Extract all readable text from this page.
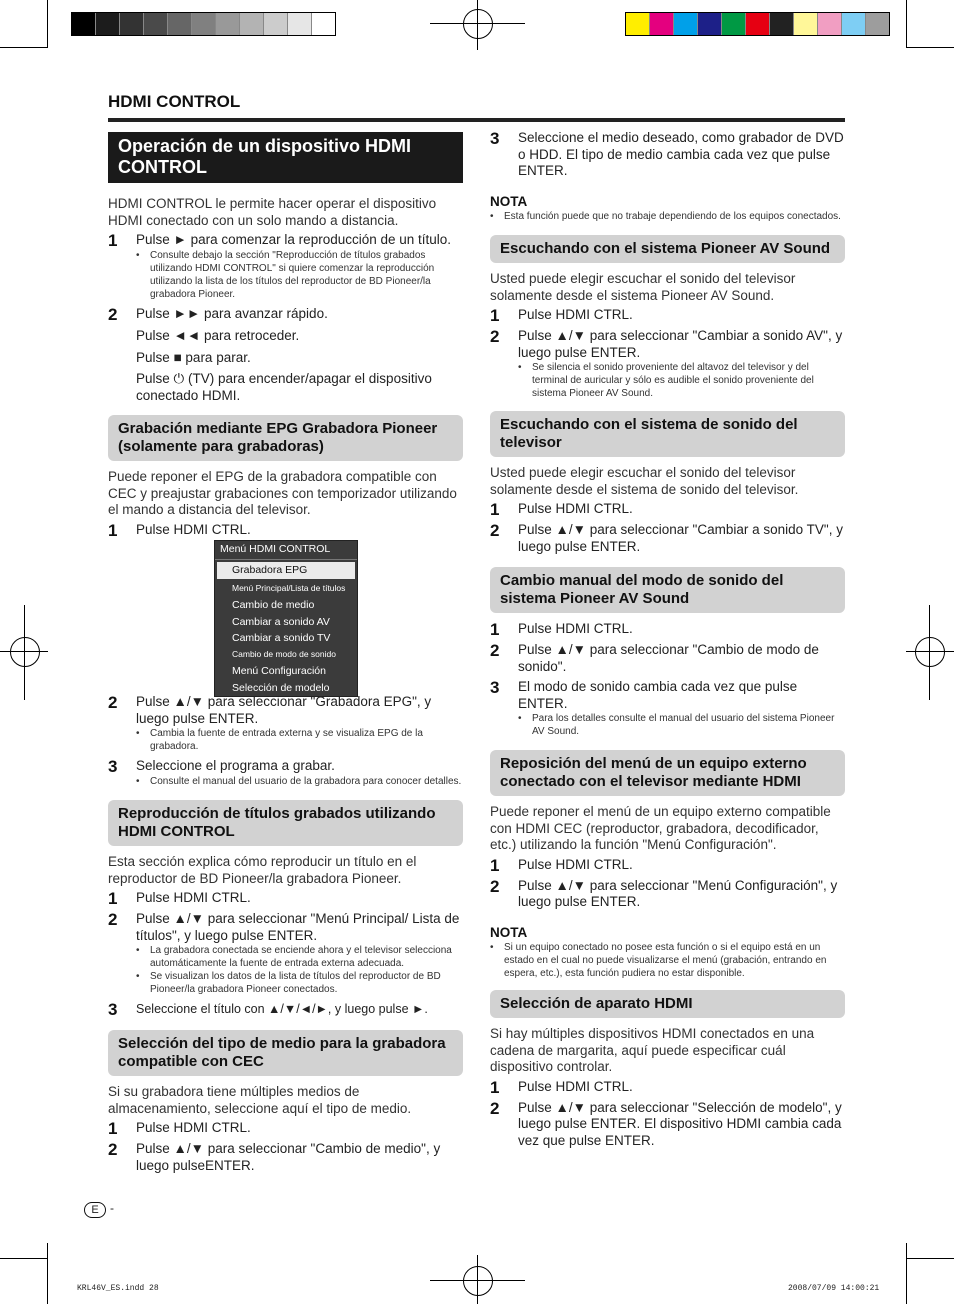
HDMI CONTROL
Operación de un dispositivo HDMI CONTROL

HDMI CONTROL le permite hacer operar el dispositivo HDMI conectado con un solo mando a distancia.

1	Pulse ► para comenzar la reproducción de un título.
•	Consulte debajo la sección "Reproducción de títulos grabados utilizando HDMI CONTROL" si quiere comenzar la reproducción utilizando la lista de los títulos del reproductor de BD Pioneer/la grabadora Pioneer.
2	Pulse ►► para avanzar rápido.
Pulse ◄◄ para retroceder.
Pulse ■ para parar.
Pulse ⏻ (TV) para encender/apagar el dispositivo conectado HDMI.
Grabación mediante EPG Grabadora Pioneer (solamente para grabadoras)

Puede reponer el EPG de la grabadora compatible con CEC y preajustar grabaciones con temporizador utilizando el mando a distancia del televisor.

1	Pulse HDMI CTRL.
Menú HDMI CONTROL
Grabadora EPG
Menú Principal/Lista de títulos
Cambio de medio
Cambiar a sonido AV
Cambiar a sonido TV
Cambio de modo de sonido
Menú Configuración
Selección de modelo
2	Pulse ▲/▼ para seleccionar "Grabadora EPG", y luego pulse ENTER.
•	Cambia la fuente de entrada externa y se visualiza EPG de la grabadora.
3	Seleccione el programa a grabar.
•	Consulte el manual del usuario de la grabadora para conocer detalles.
Reproducción de títulos grabados utilizando HDMI CONTROL

Esta sección explica cómo reproducir un título en el reproductor de BD Pioneer/la grabadora Pioneer.

1	Pulse HDMI CTRL.
2	Pulse ▲/▼ para seleccionar "Menú Principal/ Lista de títulos", y luego pulse ENTER.
•	La grabadora conectada se enciende ahora y el televisor selecciona automáticamente la fuente de entrada externa adecuada.
•	Se visualizan los datos de la lista de títulos del reproductor de BD Pioneer/la grabadora Pioneer conectados.
3	Seleccione el título con ▲/▼/◄/►, y luego pulse ►.
Selección del tipo de medio para la grabadora compatible con CEC

Si su grabadora tiene múltiples medios de almacenamiento, seleccione aquí el tipo de medio.

1	Pulse HDMI CTRL.
2	Pulse ▲/▼ para seleccionar "Cambio de medio", y luego pulseENTER.
3	Seleccione el medio deseado, como grabador de DVD o HDD. El tipo de medio cambia cada vez que pulse ENTER.
NOTA
•	Esta función puede que no trabaje dependiendo de los equipos conectados.
Escuchando con el sistema Pioneer AV Sound

Usted puede elegir escuchar el sonido del televisor solamente desde el sistema Pioneer AV Sound.

1	Pulse HDMI CTRL.
2	Pulse ▲/▼ para seleccionar "Cambiar a sonido AV", y luego pulse ENTER.
•	Se silencia el sonido proveniente del altavoz del televisor y del terminal de auricular y sólo es audible el sonido proveniente del sistema Pioneer AV Sound.
Escuchando con el sistema de sonido del televisor

Usted puede elegir escuchar el sonido del televisor solamente desde el sistema de sonido del televisor.

1	Pulse HDMI CTRL.
2	Pulse ▲/▼ para seleccionar "Cambiar a sonido TV", y luego pulse ENTER.
Cambio manual del modo de sonido del sistema Pioneer AV Sound
1	Pulse HDMI CTRL.
2	Pulse ▲/▼ para seleccionar "Cambio de modo de sonido".
3	El modo de sonido cambia cada vez que pulse ENTER.
•	Para los detalles consulte el manual del usuario del sistema Pioneer AV Sound.
Reposición del menú de un equipo externo conectado con el televisor mediante HDMI

Puede reponer el menú de un equipo externo compatible con HDMI CEC (reproductor, grabadora, decodificador, etc.) utilizando la función "Menú Configuración".

1	Pulse HDMI CTRL.
2	Pulse ▲/▼ para seleccionar "Menú Configuración", y luego pulse ENTER.
NOTA
•	Si un equipo conectado no posee esta función o si el equipo está en un estado en el cual no puede visualizarse el menú (grabación, entrando en espera, etc.), esta función pudiera no estar disponible.
Selección de aparato HDMI

Si hay múltiples dispositivos HDMI conectados en una cadena de margarita, aquí puede especificar cuál dispositivo controlar.

1	Pulse HDMI CTRL.
2	Pulse ▲/▼ para seleccionar "Selección de modelo", y luego pulse ENTER. El dispositivo HDMI cambia cada vez que pulse ENTER.
E -
KRL46V_ES.indd 28	2008/07/09 14:00:21
